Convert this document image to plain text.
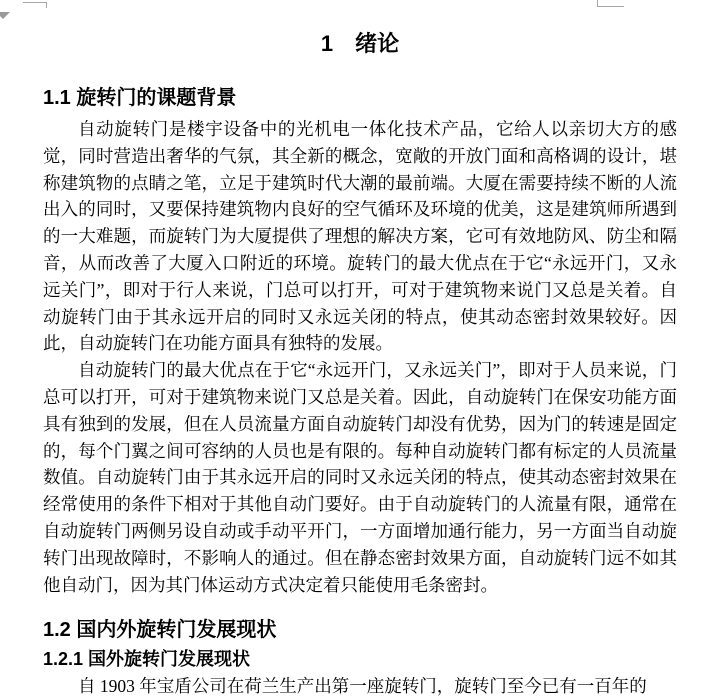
1　绪论
1.1 旋转门的课题背景

自动旋转门是楼宇设备中的光机电一体化技术产品，它给人以亲切大方的感觉，同时营造出奢华的气氛，其全新的概念，宽敞的开放门面和高格调的设计，堪称建筑物的点睛之笔，立足于建筑时代大潮的最前端。大厦在需要持续不断的人流出入的同时，又要保持建筑物内良好的空气循环及环境的优美，这是建筑师所遇到的一大难题，而旋转门为大厦提供了理想的解决方案，它可有效地防风、防尘和隔音，从而改善了大厦入口附近的环境。旋转门的最大优点在于它“永远开门，又永远关门”，即对于行人来说，门总可以打开，可对于建筑物来说门又总是关着。自动旋转门由于其永远开启的同时又永远关闭的特点，使其动态密封效果较好。因此，自动旋转门在功能方面具有独特的发展。

自动旋转门的最大优点在于它“永远开门，又永远关门”，即对于人员来说，门总可以打开，可对于建筑物来说门又总是关着。因此，自动旋转门在保安功能方面具有独到的发展，但在人员流量方面自动旋转门却没有优势，因为门的转速是固定的，每个门翼之间可容纳的人员也是有限的。每种自动旋转门都有标定的人员流量数值。自动旋转门由于其永远开启的同时又永远关闭的特点，使其动态密封效果在经常使用的条件下相对于其他自动门要好。由于自动旋转门的人流量有限，通常在自动旋转门两侧另设自动或手动平开门，一方面增加通行能力，另一方面当自动旋转门出现故障时，不影响人的通过。但在静态密封效果方面，自动旋转门远不如其他自动门，因为其门体运动方式决定着只能使用毛条密封。

1.2 国内外旋转门发展现状
1.2.1 国外旋转门发展现状

自 1903 年宝盾公司在荷兰生产出第一座旋转门，旋转门至今已有一百年的
